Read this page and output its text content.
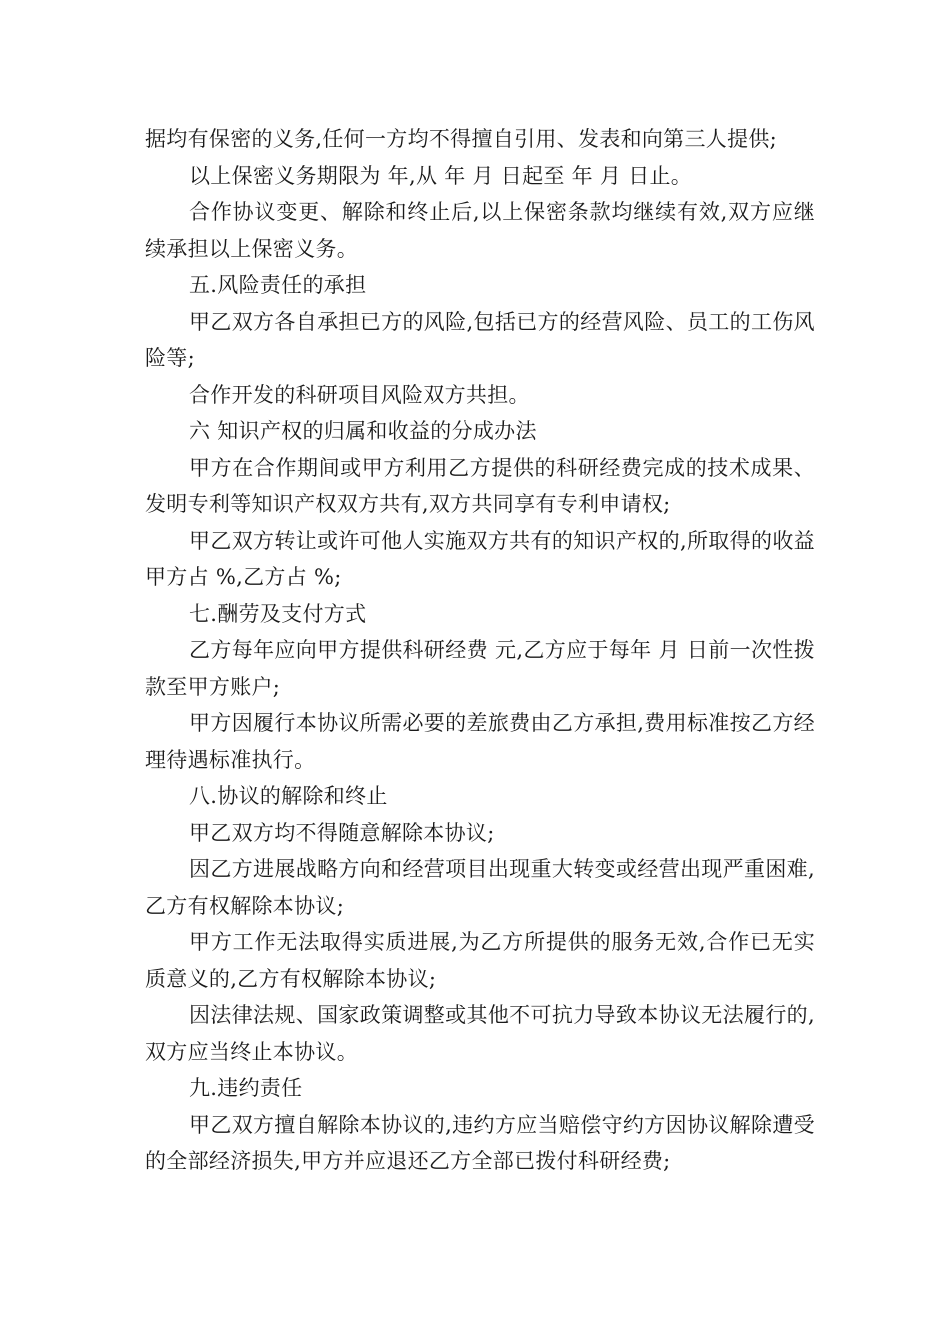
据均有保密的义务,任何一方均不得擅自引用、发表和向第三人提供;

以上保密义务期限为 年,从 年 月 日起至 年 月 日止。

合作协议变更、解除和终止后,以上保密条款均继续有效,双方应继续承担以上保密义务。

五.风险责任的承担

甲乙双方各自承担已方的风险,包括已方的经营风险、员工的工伤风险等;

合作开发的科研项目风险双方共担。

六 知识产权的归属和收益的分成办法

甲方在合作期间或甲方利用乙方提供的科研经费完成的技术成果、发明专利等知识产权双方共有,双方共同享有专利申请权;

甲乙双方转让或许可他人实施双方共有的知识产权的,所取得的收益甲方占 %,乙方占 %;

七.酬劳及支付方式

乙方每年应向甲方提供科研经费 元,乙方应于每年 月 日前一次性拨款至甲方账户;

甲方因履行本协议所需必要的差旅费由乙方承担,费用标准按乙方经理待遇标准执行。

八.协议的解除和终止

甲乙双方均不得随意解除本协议;

因乙方进展战略方向和经营项目出现重大转变或经营出现严重困难,乙方有权解除本协议;

甲方工作无法取得实质进展,为乙方所提供的服务无效,合作已无实质意义的,乙方有权解除本协议;

因法律法规、国家政策调整或其他不可抗力导致本协议无法履行的,双方应当终止本协议。

九.违约责任

甲乙双方擅自解除本协议的,违约方应当赔偿守约方因协议解除遭受的全部经济损失,甲方并应退还乙方全部已拨付科研经费;
